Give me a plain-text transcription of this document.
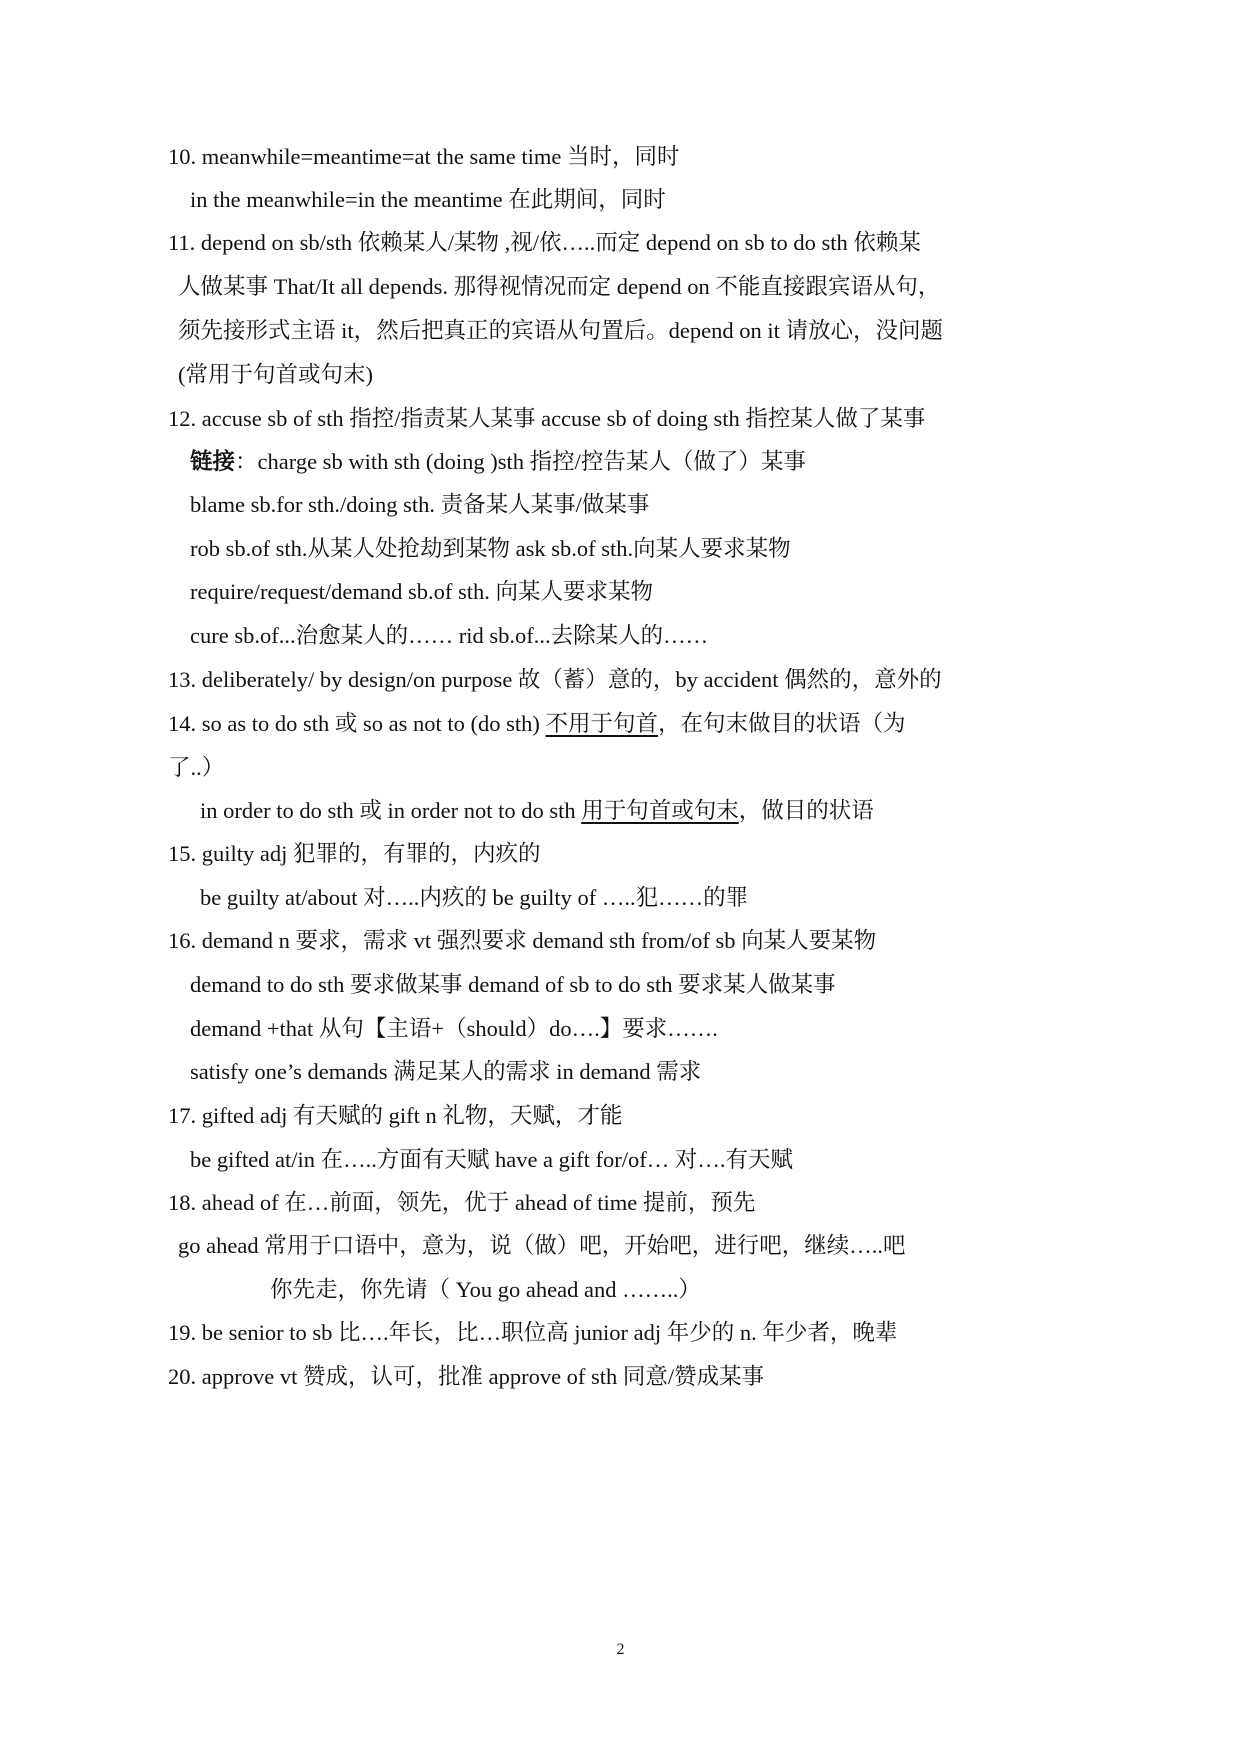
10. meanwhile=meantime=at the same time 当时，同时
in the meanwhile=in the meantime 在此期间，同时
11. depend on sb/sth 依赖某人/某物 ,视/依…..而定 depend on sb to do sth 依赖某
人做某事 That/It all depends. 那得视情况而定 depend on 不能直接跟宾语从句，
须先接形式主语 it，然后把真正的宾语从句置后。depend on it 请放心，没问题
(常用于句首或句末)
12. accuse sb of sth 指控/指责某人某事 accuse sb of doing sth 指控某人做了某事
链接：charge sb with sth (doing )sth 指控/控告某人（做了）某事
blame sb.for sth./doing sth. 责备某人某事/做某事
rob sb.of sth.从某人处抢劫到某物 ask sb.of sth.向某人要求某物
require/request/demand sb.of sth. 向某人要求某物
cure sb.of...治愈某人的…… rid sb.of...去除某人的……
13. deliberately/ by design/on purpose 故（蓄）意的，by accident 偶然的，意外的
14. so as to do sth 或 so as not to (do sth) 不用于句首，在句末做目的状语（为
了..）
in order to do sth 或 in order not to do sth 用于句首或句末，做目的状语
15. guilty adj 犯罪的，有罪的，内疚的
be guilty at/about 对…..内疚的 be guilty of …..犯……的罪
16. demand n 要求，需求 vt 强烈要求 demand sth from/of sb 向某人要某物
demand to do sth 要求做某事 demand of sb to do sth 要求某人做某事
demand +that 从句【主语+（should）do….】要求…….
satisfy one’s demands 满足某人的需求 in demand 需求
17. gifted adj 有天赋的 gift n 礼物，天赋，才能
be gifted at/in 在…..方面有天赋 have a gift for/of… 对….有天赋
18. ahead of 在…前面，领先，优于 ahead of time 提前，预先
go ahead 常用于口语中，意为，说（做）吧，开始吧，进行吧，继续…..吧
你先走，你先请（ You go ahead and ……..）
19. be senior to sb 比….年长，比…职位高 junior adj 年少的 n. 年少者，晚辈
20. approve vt 赞成，认可，批准 approve of sth 同意/赞成某事
2
